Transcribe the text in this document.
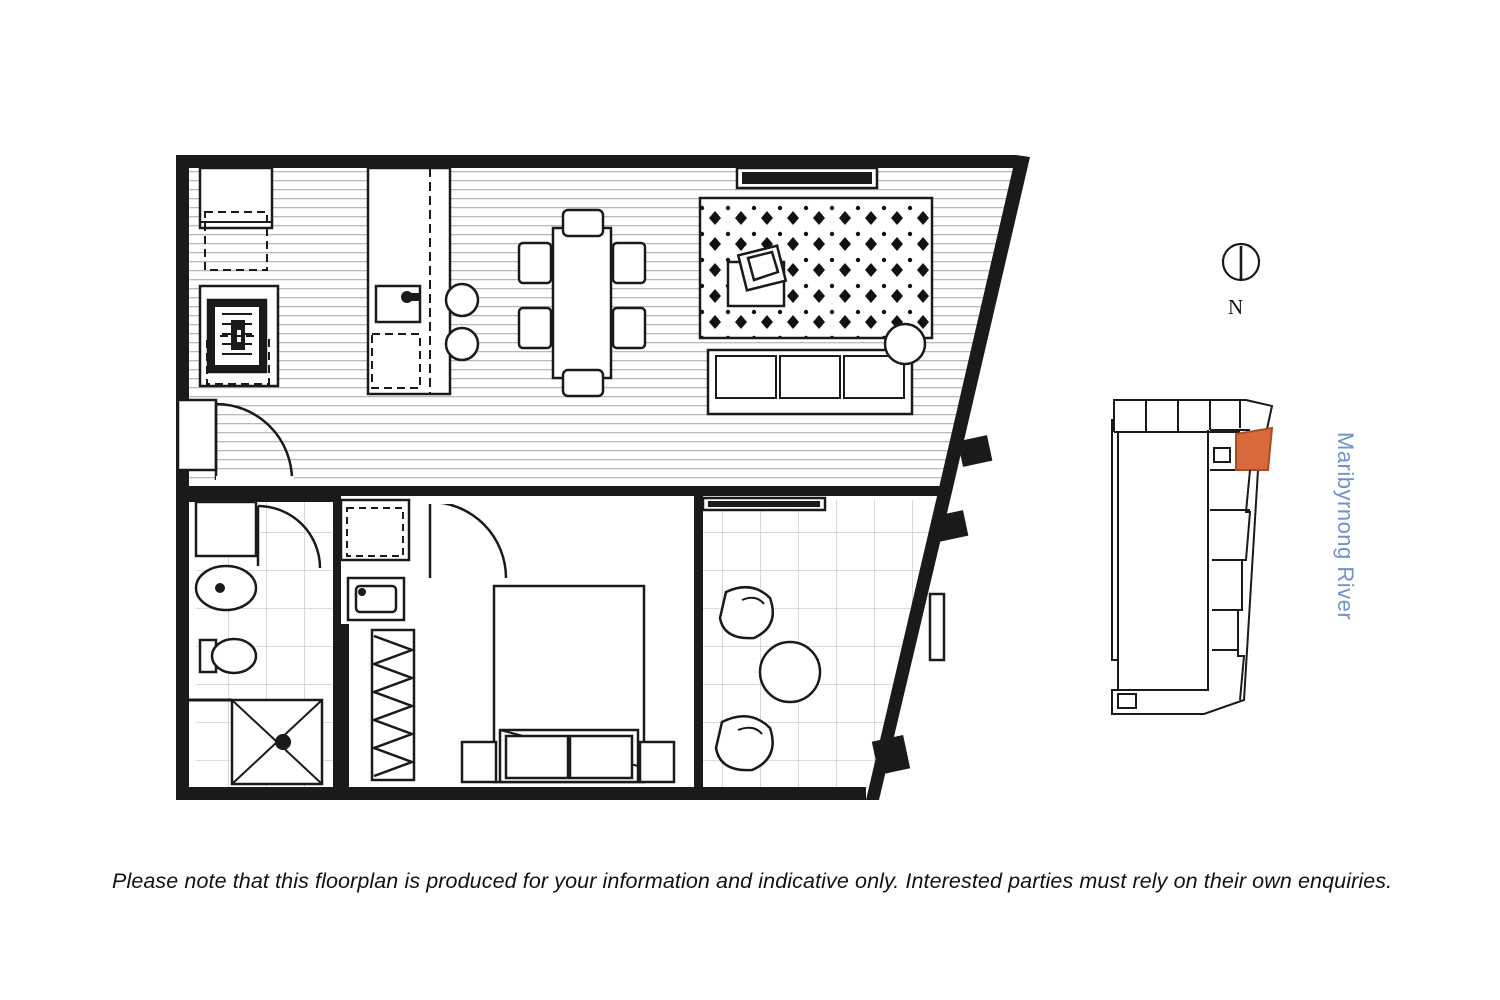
N
Maribyrnong River
Please note that this floorplan is produced for your information and indicative only. Interested parties must rely on their own enquiries.
